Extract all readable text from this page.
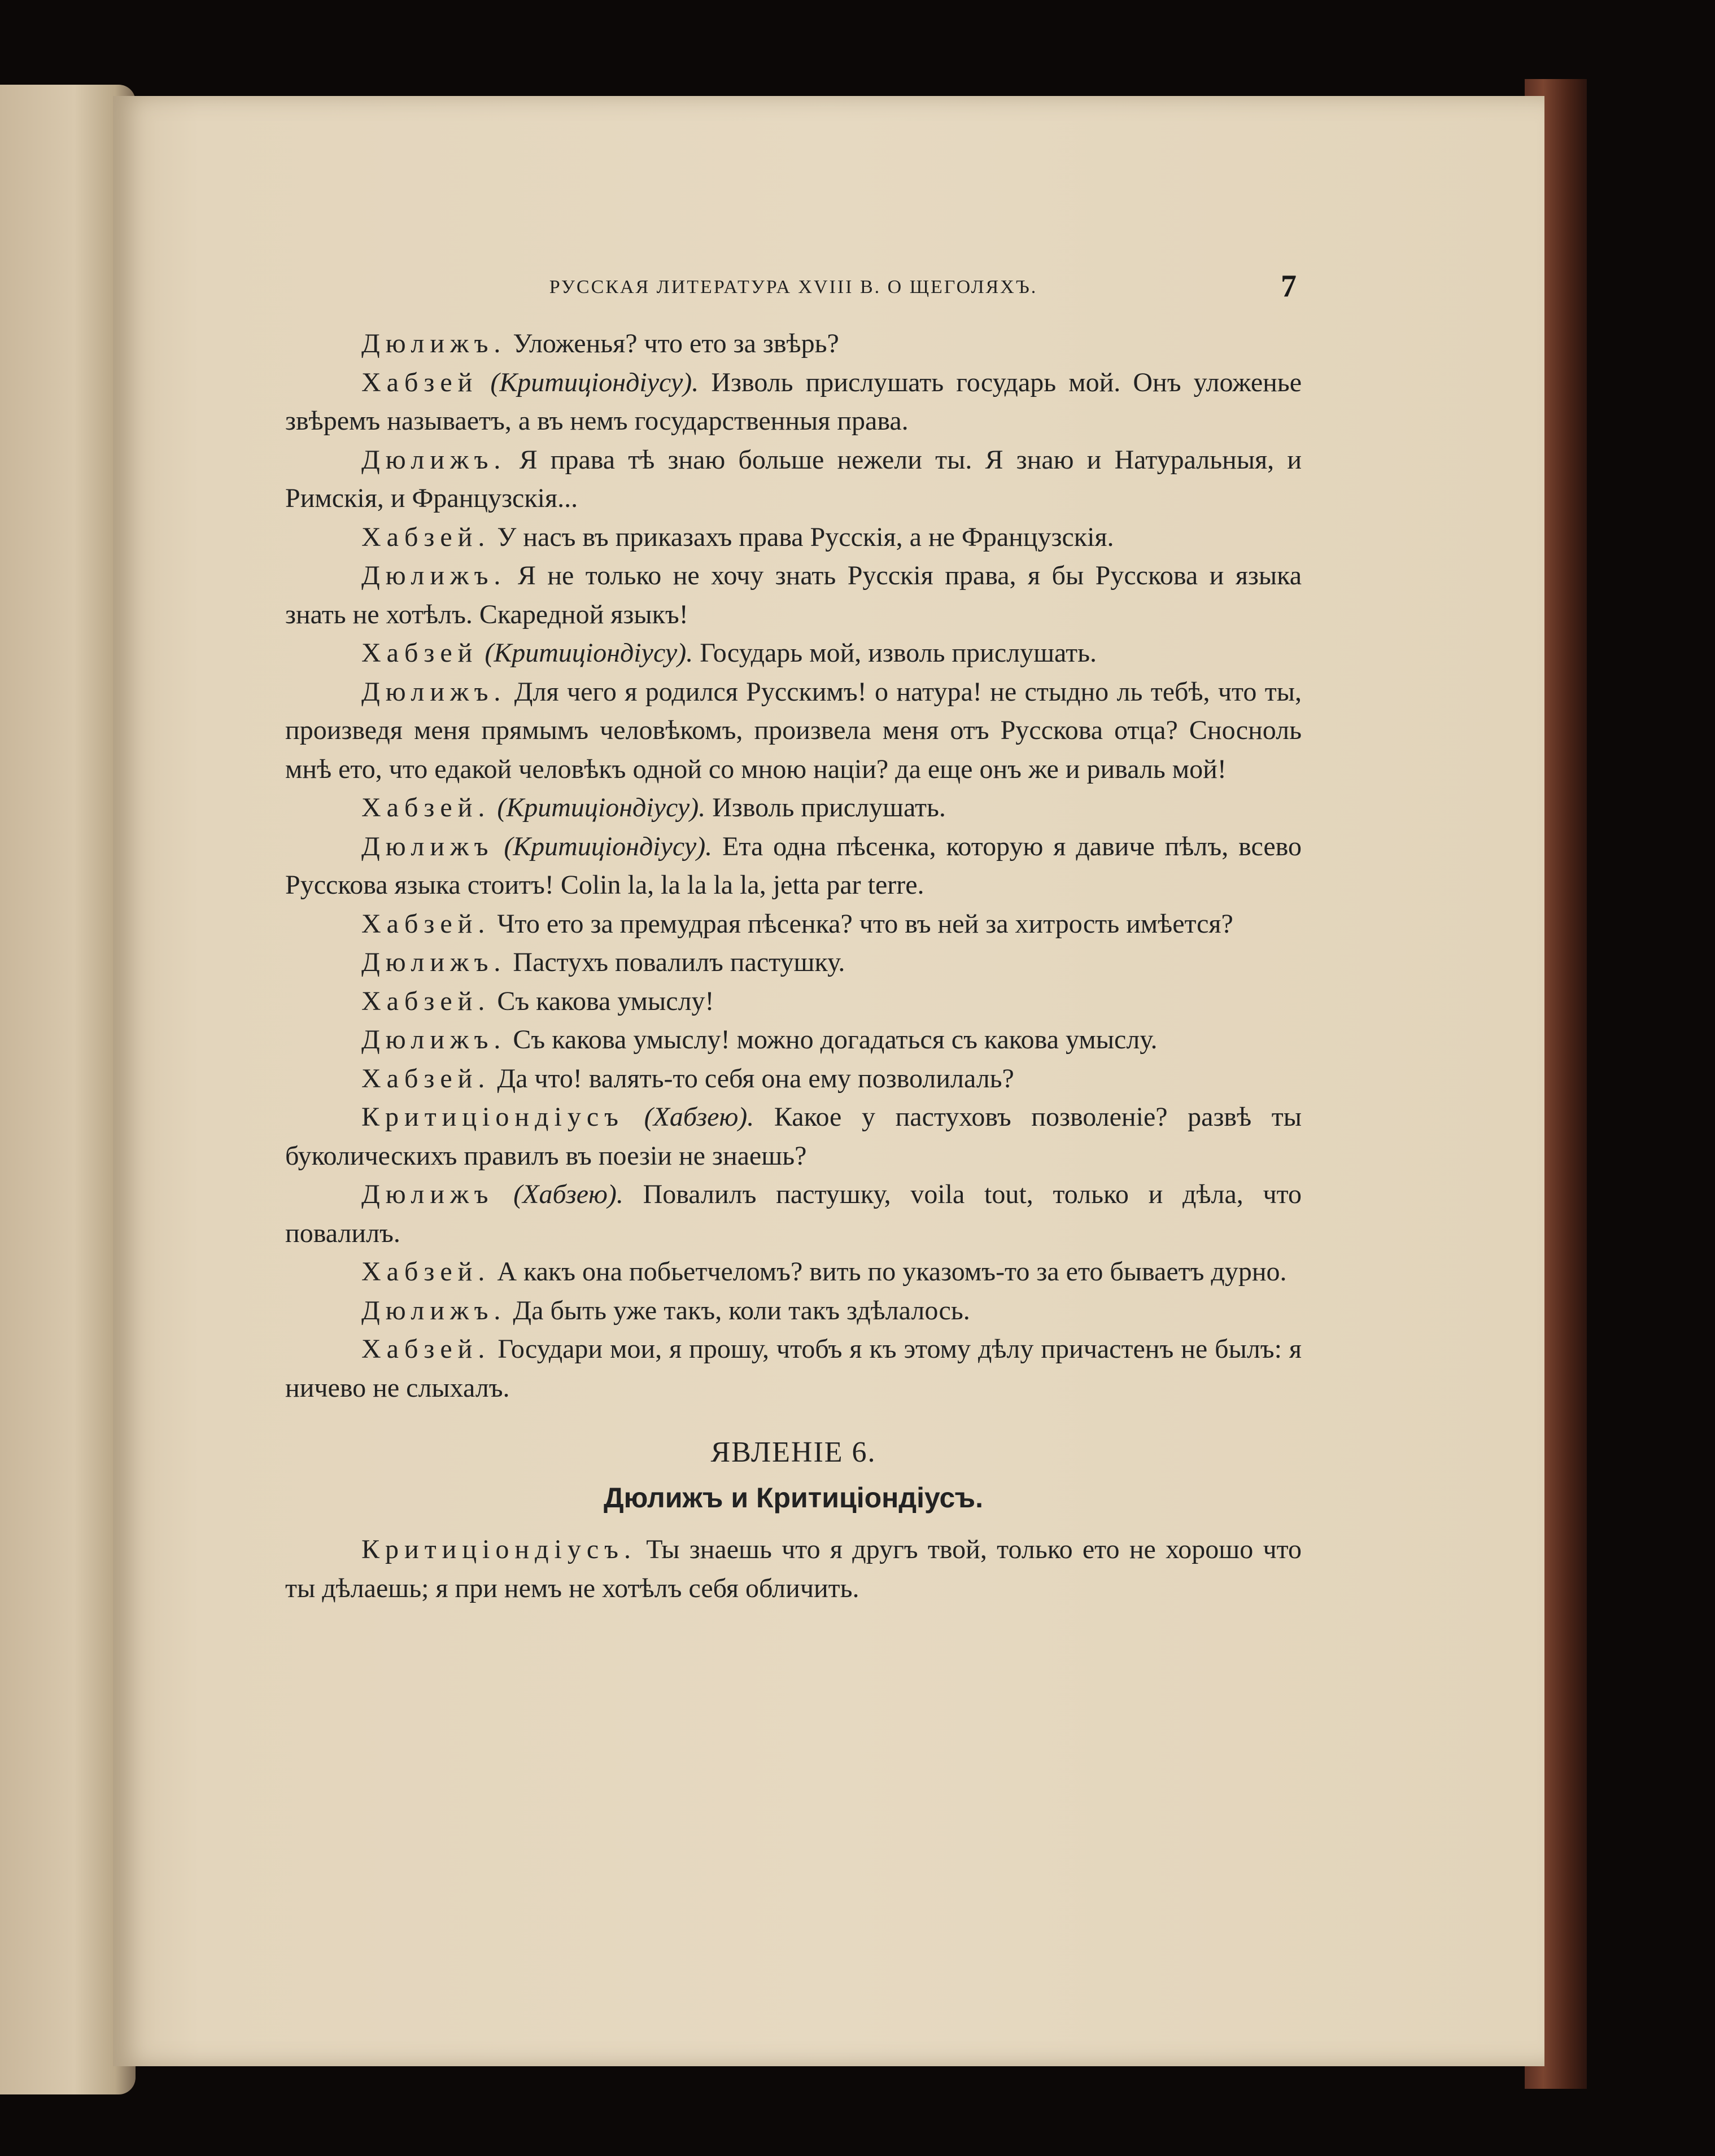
РУССКАЯ ЛИТЕРАТУРА XVIII В. О ЩЕГОЛЯХЪ.	7

Дюлижъ. Уложенья? что ето за звѣрь?

Хабзей (Критиціондіусу). Изволь прислушать государь мой. Онъ уложенье звѣремъ называетъ, а въ немъ государственныя права.

Дюлижъ. Я права тѣ знаю больше нежели ты. Я знаю и Натуральныя, и Римскія, и Французскія...

Хабзей. У насъ въ приказахъ права Русскія, а не Французскія.

Дюлижъ. Я не только не хочу знать Русскія права, я бы Русскова и языка знать не хотѣлъ. Скаредной языкъ!

Хабзей (Критиціондіусу). Государь мой, изволь прислушать.

Дюлижъ. Для чего я родился Русскимъ! о натура! не стыдно ль тебѣ, что ты, произведя меня прямымъ человѣкомъ, произвела меня отъ Русскова отца? Сносноль мнѣ ето, что едакой человѣкъ одной со мною націи? да еще онъ же и риваль мой!

Хабзей. (Критиціондіусу). Изволь прислушать.

Дюлижъ (Критиціондіусу). Ета одна пѣсенка, которую я давиче пѣлъ, всево Русскова языка стоитъ! Colin la, la la la la, jetta par terre.

Хабзей. Что ето за премудрая пѣсенка? что въ ней за хитрость имѣется?

Дюлижъ. Пастухъ повалилъ пастушку.

Хабзей. Съ какова умыслу!

Дюлижъ. Съ какова умыслу! можно догадаться съ какова умыслу.

Хабзей. Да что! валять-то себя она ему позволилаль?

Критиціондіусъ (Хабзею). Какое у пастуховъ позволеніе? развѣ ты буколическихъ правилъ въ поезіи не знаешь?

Дюлижъ (Хабзею). Повалилъ пастушку, voila tout, только и дѣла, что повалилъ.

Хабзей. А какъ она побьетчеломъ? вить по указомъ-то за ето бываетъ дурно.

Дюлижъ. Да быть уже такъ, коли такъ здѣлалось.

Хабзей. Государи мои, я прошу, чтобъ я къ этому дѣлу причастенъ не былъ: я ничево не слыхалъ.

ЯВЛЕНІЕ 6.

Дюлижъ и Критиціондіусъ.

Критиціондіусъ. Ты знаешь что я другъ твой, только ето не хорошо что ты дѣлаешь; я при немъ не хотѣлъ себя обличить.
